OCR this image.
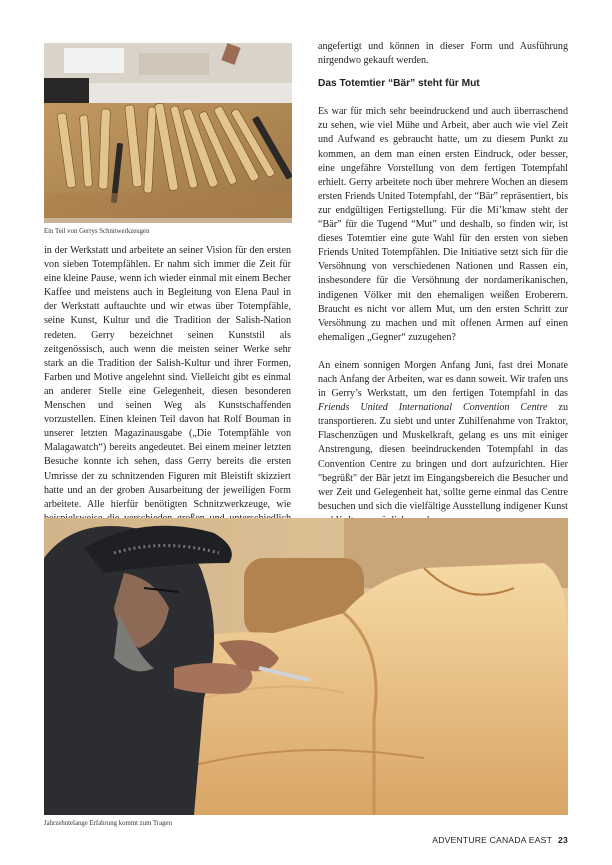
Ein Teil von Gerrys Schnitwerkzeugen

in der Werkstatt und arbeitete an seiner Vision für den ersten von sieben Totempfählen. Er nahm sich immer die Zeit für eine kleine Pause, wenn ich wieder einmal mit einem Becher Kaffee und meistens auch in Begleitung von Elena Paul in der Werkstatt auftauchte und wir etwas über Totempfähle, seine Kunst, Kultur und die Tradition der Salish-Nation redeten. Gerry bezeichnet seinen Kunststil als zeitgenössisch, auch wenn die meisten seiner Werke sehr stark an die Tradition der Salish-Kultur und ihrer Formen, Farben und Motive angelehnt sind. Vielleicht gibt es einmal an anderer Stelle eine Gelegenheit, diesen besonderen Menschen und seinen Weg als Kunstschaffenden vorzustellen. Einen kleinen Teil davon hat Rolf Bouman in unserer letzten Magazinausgabe („Die Totempfähle von Malagawatch“) bereits angedeutet. Bei einem meiner letzten Besuche konnte ich sehen, dass Gerry bereits die ersten Umrisse der zu schnitzenden Figuren mit Bleistift skizziert hatte und an der groben Ausarbeitung der jeweiligen Form arbeitete. Alle hierfür benötigten Schnitzwerkzeuge, wie

angefertigt und können in dieser Form und Ausführung nirgendwo gekauft werden.

Das Totemtier “Bär” steht für Mut

Es war für mich sehr beeindruckend und auch überraschend zu sehen, wie viel Mühe und Arbeit, aber auch wie viel Zeit und Aufwand es gebraucht hatte, um zu diesem Punkt zu kommen, an dem man einen ersten Eindruck, oder besser, eine ungefähre Vorstellung von dem fertigen Totempfahl erhielt. Gerry arbeitete noch über mehrere Wochen an diesem ersten Friends United Totempfahl, der “Bär” repräsentiert, bis zur endgültigen Fertigstellung. Für die Mi’kmaw steht der “Bär” für die Tugend “Mut” und deshalb, so finden wir, ist dieses Totemtier eine gute Wahl für den ersten von sieben Friends United Totempfählen. Die Initiative setzt sich für die Versöhnung von verschiedenen Nationen und Rassen ein, insbesondere für die Versöhnung der nordamerikanischen, indigenen Völker mit den ehemaligen weißen Eroberern. Braucht es nicht vor allem Mut, um den ersten Schritt zur Versöhnung zu machen und mit offenen Armen auf einen ehemaligen „Gegner“ zuzugehen?

An einem sonnigen Morgen Anfang Juni, fast drei Monate nach Anfang der Arbeiten, war es dann soweit. Wir trafen uns in Gerry’s Werkstatt, um den fertigen Totempfahl in das Friends United International Convention Centre zu transportieren. Zu siebt und unter Zuhilfenahme von Traktor, Flaschenzügen und Muskelkraft, gelang es uns mit einiger Anstrengung, diesen beeindruckenden Totempfahl in das Convention Centre zu bringen und dort aufzurichten. Hier "begrüßt" der Bär jetzt im Eingangsbereich die Besucher und wer Zeit und Gelegenheit hat, sollte gerne einmal das Centre besuchen und sich die vielfältige Ausstellung indigener Kunst

Jahrzehntelange Erfahrung kommt zum Tragen
ADVENTURE CANADA EAST 23
